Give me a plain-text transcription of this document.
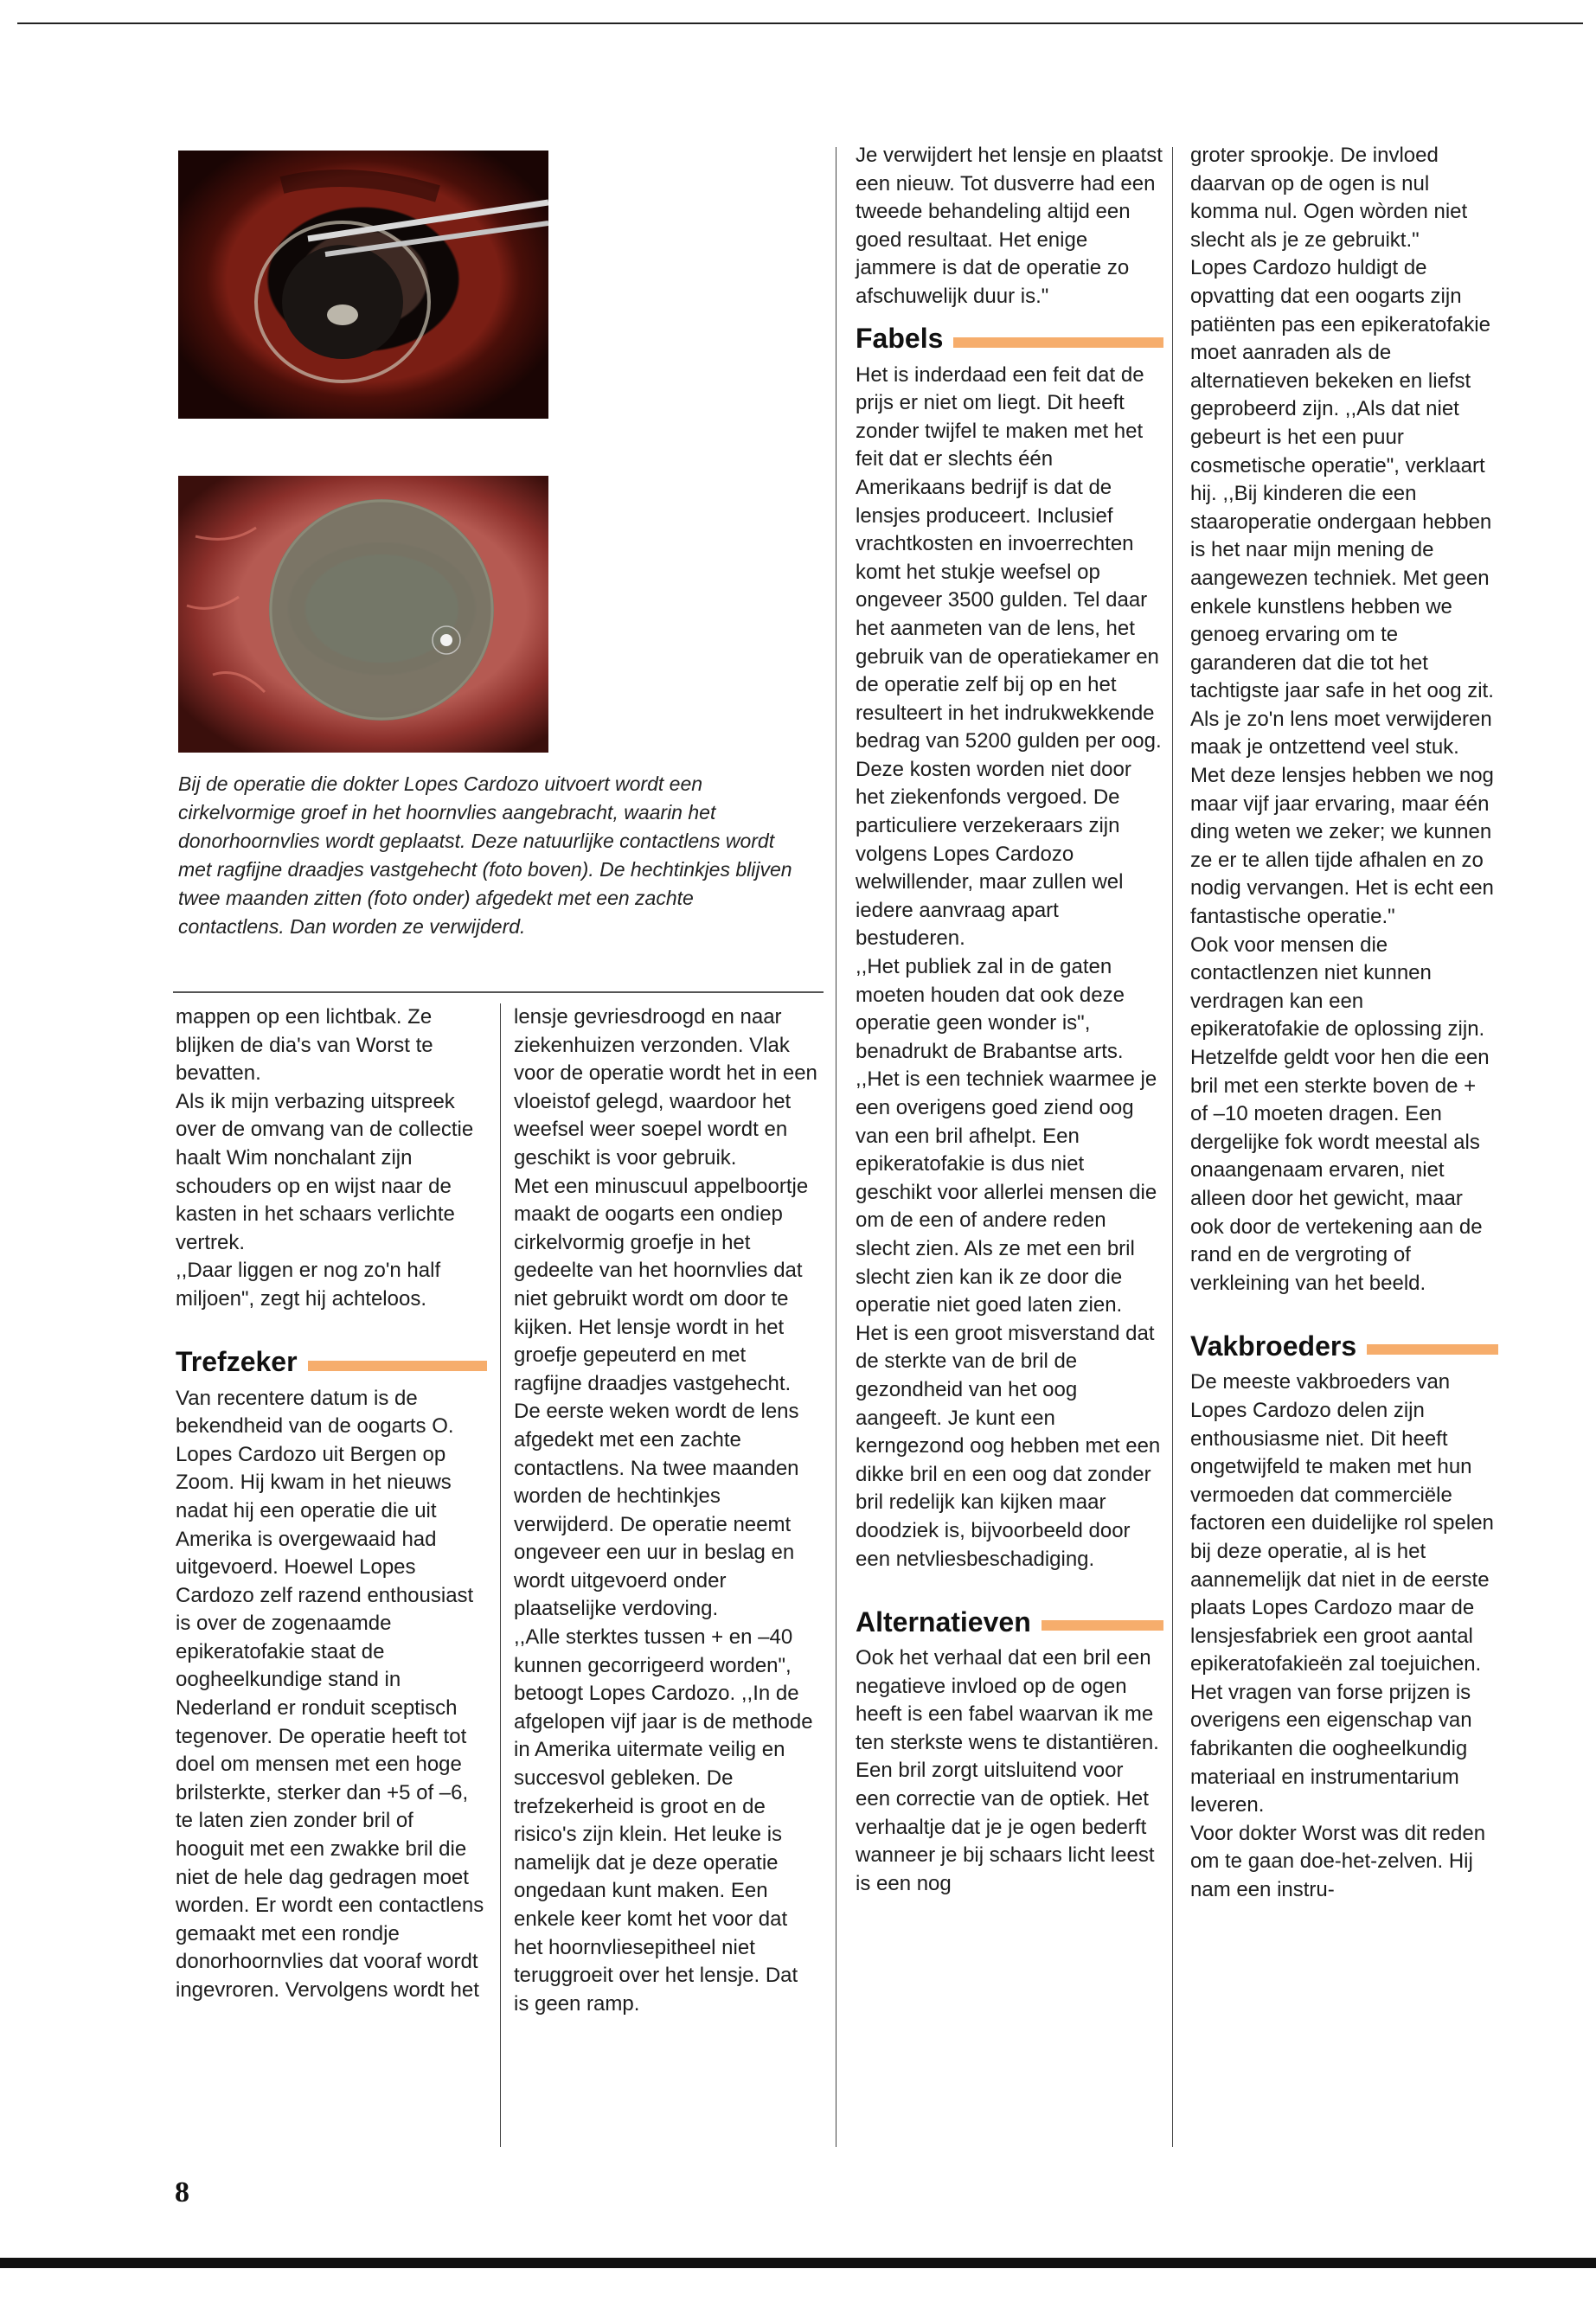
Bij de operatie die dokter Lopes Cardozo uitvoert wordt een cirkelvormige groef in het hoornvlies aangebracht, waarin het donorhoornvlies wordt geplaatst. Deze natuurlijke contactlens wordt met ragfijne draadjes vastgehecht (foto boven). De hechtinkjes blijven twee maanden zitten (foto onder) afgedekt met een zachte contactlens. Dan worden ze verwijderd.

mappen op een lichtbak. Ze blijken de dia's van Worst te bevatten.

Als ik mijn verbazing uitspreek over de omvang van de collectie haalt Wim nonchalant zijn schouders op en wijst naar de kasten in het schaars verlichte vertrek.

,,Daar liggen er nog zo'n half miljoen", zegt hij achteloos.

Trefzeker

Van recentere datum is de bekendheid van de oogarts O. Lopes Cardozo uit Bergen op Zoom. Hij kwam in het nieuws nadat hij een operatie die uit Amerika is overgewaaid had uitgevoerd. Hoewel Lopes Cardozo zelf razend enthousiast is over de zogenaamde epikeratofakie staat de oogheelkundige stand in Nederland er ronduit sceptisch tegenover. De operatie heeft tot doel om mensen met een hoge brilsterkte, sterker dan +5 of –6, te laten zien zonder bril of hooguit met een zwakke bril die niet de hele dag gedragen moet worden. Er wordt een contactlens gemaakt met een rondje donorhoornvlies dat vooraf wordt ingevroren. Vervolgens wordt het

lensje gevriesdroogd en naar ziekenhuizen verzonden. Vlak voor de operatie wordt het in een vloeistof gelegd, waardoor het weefsel weer soepel wordt en geschikt is voor gebruik.

Met een minuscuul appelboortje maakt de oogarts een ondiep cirkelvormig groefje in het gedeelte van het hoornvlies dat niet gebruikt wordt om door te kijken. Het lensje wordt in het groefje gepeuterd en met ragfijne draadjes vastgehecht. De eerste weken wordt de lens afgedekt met een zachte contactlens. Na twee maanden worden de hechtinkjes verwijderd. De operatie neemt ongeveer een uur in beslag en wordt uitgevoerd onder plaatselijke verdoving.

,,Alle sterktes tussen + en –40 kunnen gecorrigeerd worden", betoogt Lopes Cardozo. ,,In de afgelopen vijf jaar is de methode in Amerika uitermate veilig en succesvol gebleken. De trefzekerheid is groot en de risico's zijn klein. Het leuke is namelijk dat je deze operatie ongedaan kunt maken. Een enkele keer komt het voor dat het hoornvliesepitheel niet teruggroeit over het lensje. Dat is geen ramp.

Je verwijdert het lensje en plaatst een nieuw. Tot dusverre had een tweede behandeling altijd een goed resultaat. Het enige jammere is dat de operatie zo afschuwelijk duur is."

Fabels

Het is inderdaad een feit dat de prijs er niet om liegt. Dit heeft zonder twijfel te maken met het feit dat er slechts één Amerikaans bedrijf is dat de lensjes produceert. Inclusief vrachtkosten en invoerrechten komt het stukje weefsel op ongeveer 3500 gulden. Tel daar het aanmeten van de lens, het gebruik van de operatiekamer en de operatie zelf bij op en het resulteert in het indrukwekkende bedrag van 5200 gulden per oog. Deze kosten worden niet door het ziekenfonds vergoed. De particuliere verzekeraars zijn volgens Lopes Cardozo welwillender, maar zullen wel iedere aanvraag apart bestuderen.

,,Het publiek zal in de gaten moeten houden dat ook deze operatie geen wonder is", benadrukt de Brabantse arts. ,,Het is een techniek waarmee je een overigens goed ziend oog van een bril afhelpt. Een epikeratofakie is dus niet geschikt voor allerlei mensen die om de een of andere reden slecht zien. Als ze met een bril slecht zien kan ik ze door die operatie niet goed laten zien.

Het is een groot misverstand dat de sterkte van de bril de gezondheid van het oog aangeeft. Je kunt een kerngezond oog hebben met een dikke bril en een oog dat zonder bril redelijk kan kijken maar doodziek is, bijvoorbeeld door een netvliesbeschadiging.

Alternatieven

Ook het verhaal dat een bril een negatieve invloed op de ogen heeft is een fabel waarvan ik me ten sterkste wens te distantiëren. Een bril zorgt uitsluitend voor een correctie van de optiek. Het verhaaltje dat je je ogen bederft wanneer je bij schaars licht leest is een nog

groter sprookje. De invloed daarvan op de ogen is nul komma nul. Ogen wòrden niet slecht als je ze gebruikt."

Lopes Cardozo huldigt de opvatting dat een oogarts zijn patiënten pas een epikeratofakie moet aanraden als de alternatieven bekeken en liefst geprobeerd zijn. ,,Als dat niet gebeurt is het een puur cosmetische operatie", verklaart hij. ,,Bij kinderen die een staaroperatie ondergaan hebben is het naar mijn mening de aangewezen techniek. Met geen enkele kunstlens hebben we genoeg ervaring om te garanderen dat die tot het tachtigste jaar safe in het oog zit. Als je zo'n lens moet verwijderen maak je ontzettend veel stuk. Met deze lensjes hebben we nog maar vijf jaar ervaring, maar één ding weten we zeker; we kunnen ze er te allen tijde afhalen en zo nodig vervangen. Het is echt een fantastische operatie."

Ook voor mensen die contactlenzen niet kunnen verdragen kan een epikeratofakie de oplossing zijn. Hetzelfde geldt voor hen die een bril met een sterkte boven de + of –10 moeten dragen. Een dergelijke fok wordt meestal als onaangenaam ervaren, niet alleen door het gewicht, maar ook door de vertekening aan de rand en de vergroting of verkleining van het beeld.

Vakbroeders

De meeste vakbroeders van Lopes Cardozo delen zijn enthousiasme niet. Dit heeft ongetwijfeld te maken met hun vermoeden dat commerciële factoren een duidelijke rol spelen bij deze operatie, al is het aannemelijk dat niet in de eerste plaats Lopes Cardozo maar de lensjesfabriek een groot aantal epikeratofakieën zal toejuichen.

Het vragen van forse prijzen is overigens een eigenschap van fabrikanten die oogheelkundig materiaal en instrumentarium leveren.

Voor dokter Worst was dit reden om te gaan doe-het-zelven. Hij nam een instru-

8
